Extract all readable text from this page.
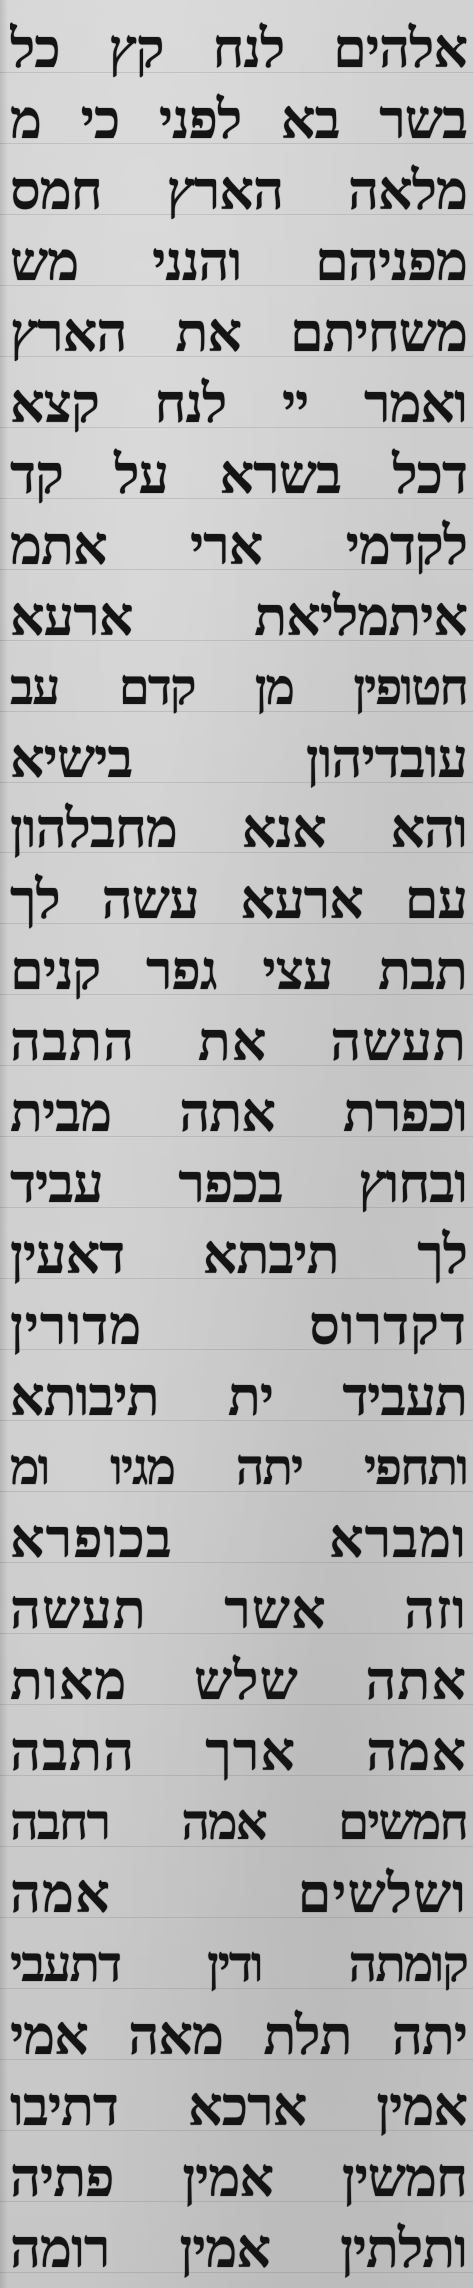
אלהים לנח קץ כל
בשר בא לפני כי מ
מלאה הארץ חמס
מפניהם והנני מש
משחיתם את הארץ
ואמר יי לנח קצא
דכל בשרא על קד
לקדמי ארי אתמ
איתמליאת ארעא
חטופין מן קדם עב
עובדיהון בישיא
והא אנא מחבלהון
עם ארעא עשה לך
תבת עצי גפר קנים
תעשה את התבה
וכפרת אתה מבית
ובחוץ בכפר עביד
לך תיבתא דאעין
דקדרוס מדורין
תעביד ית תיבותא
ותחפי יתה מגיו ומ
ומברא בכופרא
וזה אשר תעשה
אתה שלש מאות
אמה ארך התבה
חמשים אמה רחבה
ושלשים אמה
קומתה ודין דתעבי
יתה תלת מאה אמי
אמין ארכא דתיבו
חמשין אמין פתיה
ותלתין אמין רומה
